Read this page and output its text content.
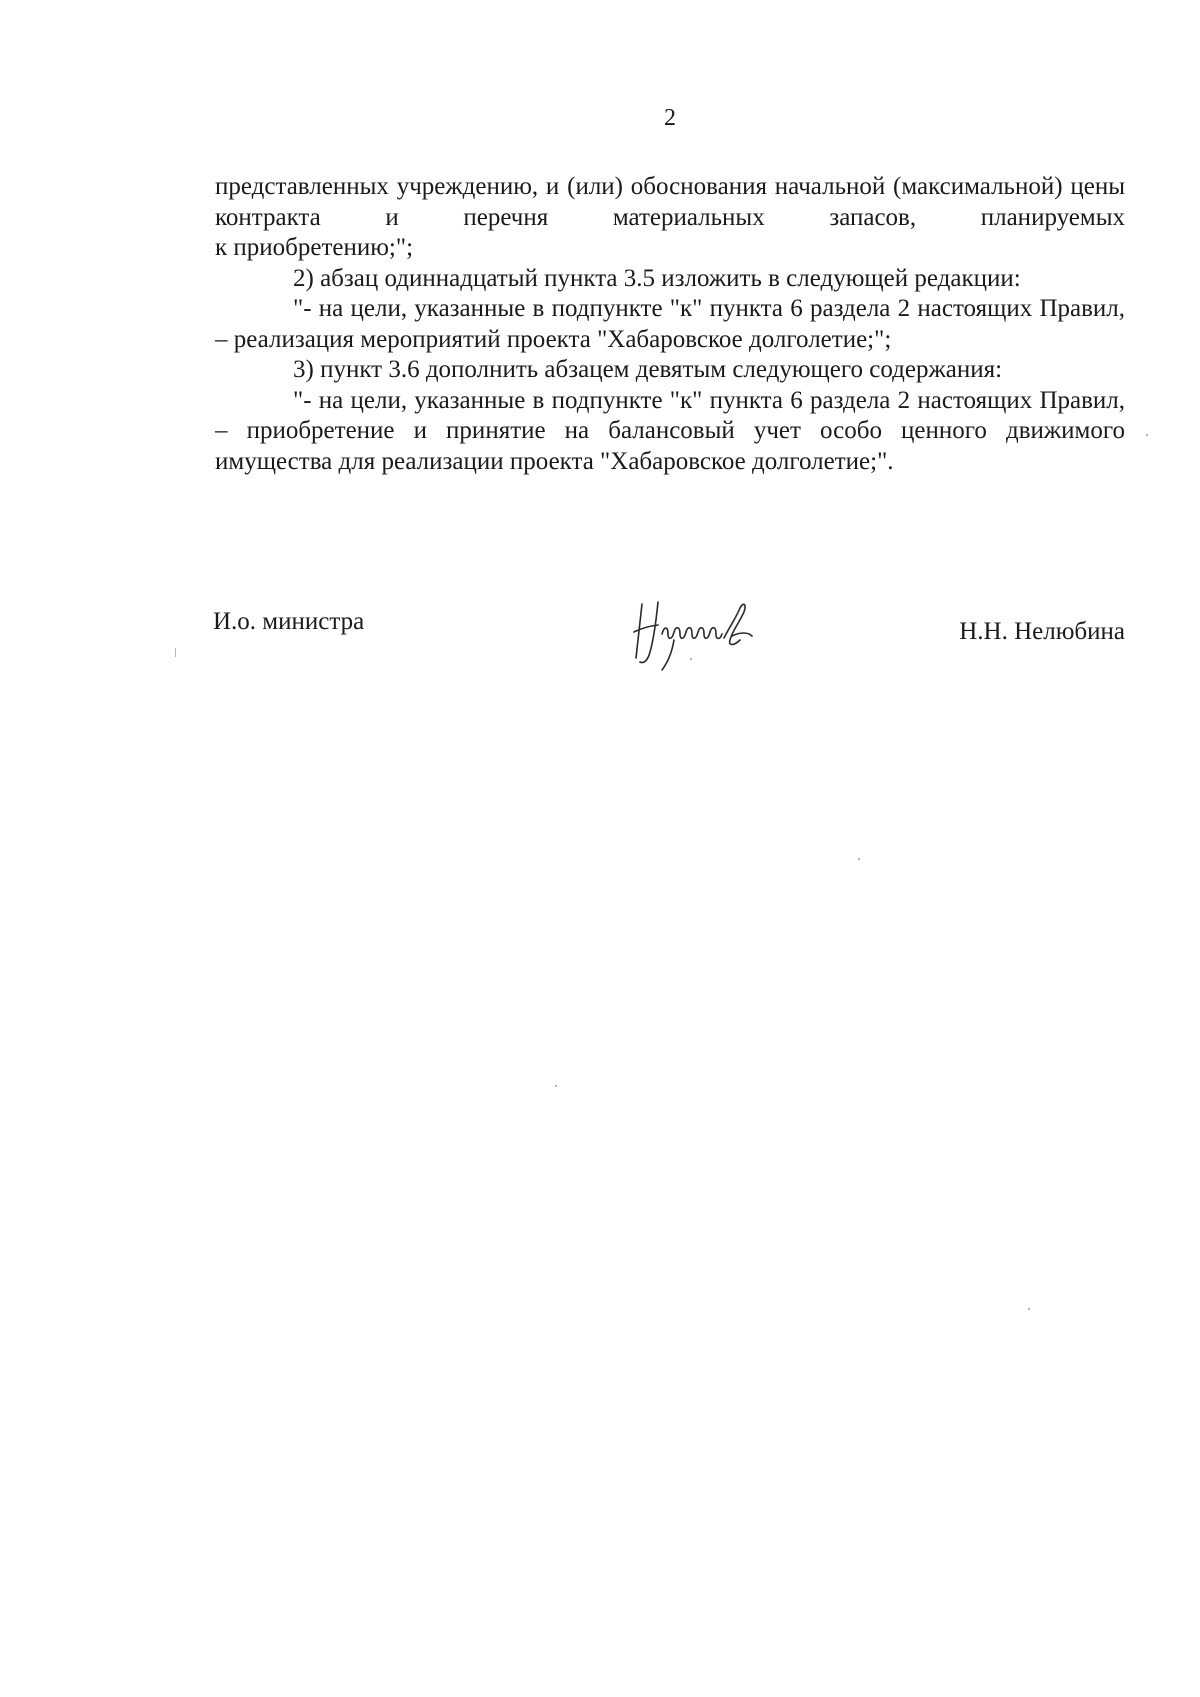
2

представленных учреждению, и (или) обоснования начальной (максимальной) цены контракта и перечня материальных запасов, планируемых

к приобретению;";

2) абзац одиннадцатый пункта 3.5 изложить в следующей редакции:

"- на цели, указанные в подпункте "к" пункта 6 раздела 2 настоящих Правил, – реализация мероприятий проекта "Хабаровское долголетие;";

3) пункт 3.6 дополнить абзацем девятым следующего содержания:

"- на цели, указанные в подпункте "к" пункта 6 раздела 2 настоящих Правил, – приобретение и принятие на балансовый учет особо ценного движимого имущества для реализации проекта "Хабаровское долголетие;".

И.о. министра	Н.Н. Нелюбина
